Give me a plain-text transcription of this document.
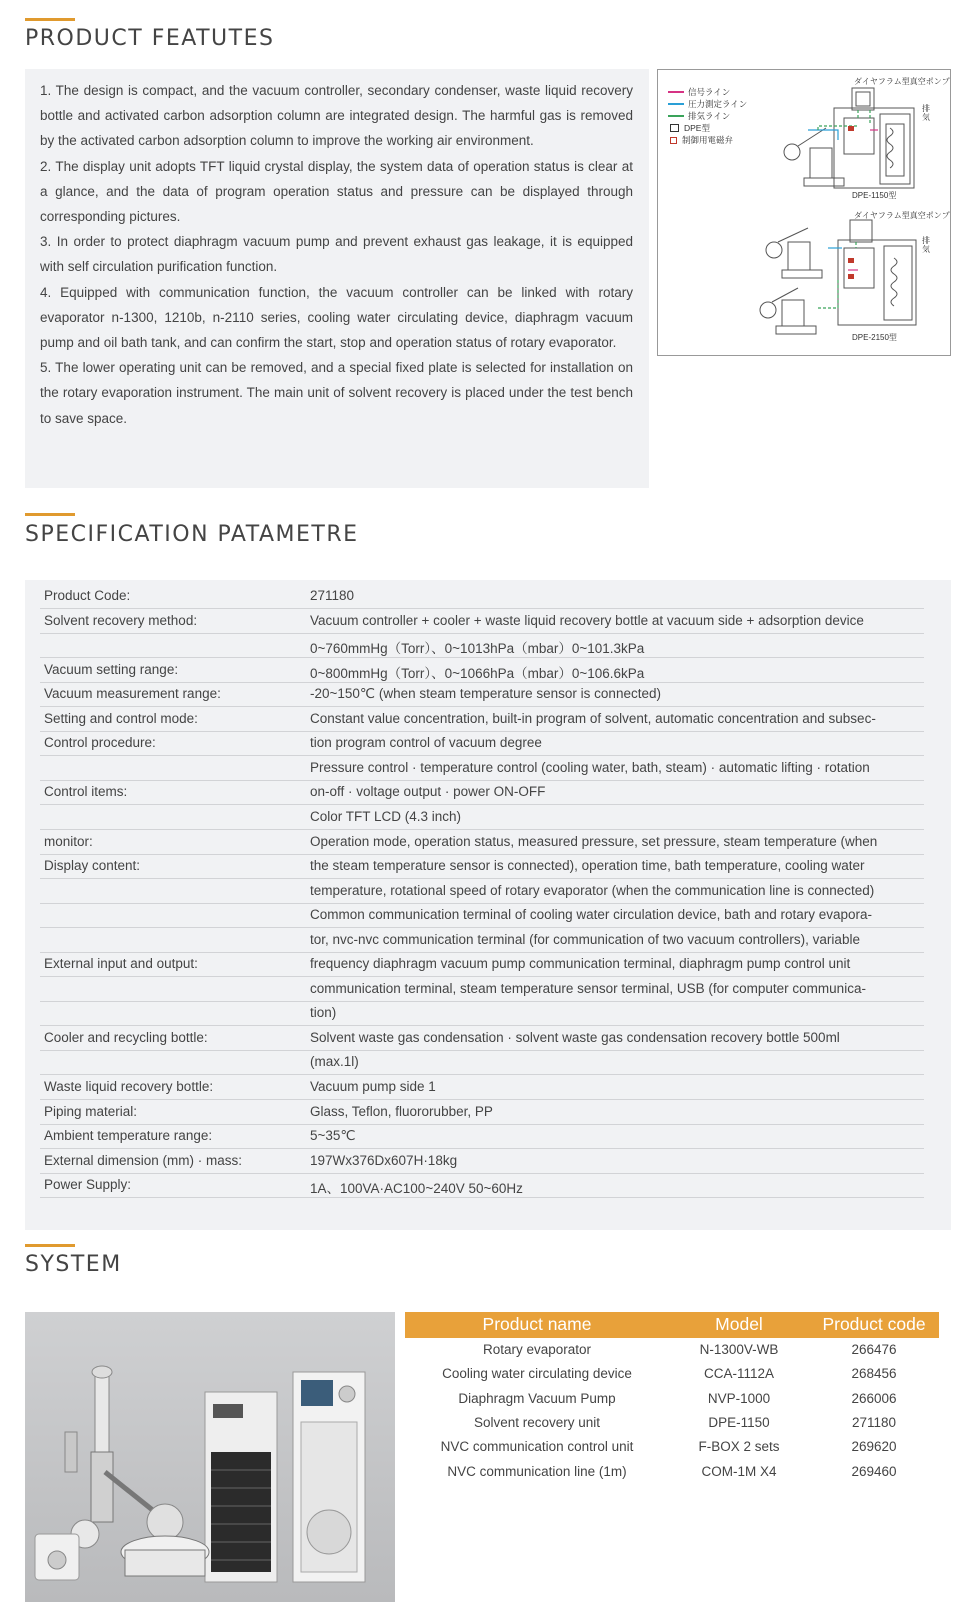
PRODUCT FEATUTES

1. The design is compact, and the vacuum controller, secondary condenser, waste liquid recovery bottle and activated carbon adsorption column are integrated design. The harmful gas is removed by the activated carbon adsorption column to improve the working air environment.

2. The display unit adopts TFT liquid crystal display, the system data of operation status is clear at a glance, and the data of program operation status and pressure can be displayed through corresponding pictures.

3. In order to protect diaphragm vacuum pump and prevent exhaust gas leakage, it is equipped with self circulation purification function.

4. Equipped with communication function, the vacuum controller can be linked with rotary evaporator n-1300, 1210b, n-2110 series, cooling water circulating device, diaphragm vacuum pump and oil bath tank, and can confirm the start, stop and operation status of rotary evaporator.

5. The lower operating unit can be removed, and a special fixed plate is selected for installation on the rotary evaporation instrument. The main unit of solvent recovery is placed under the test bench to save space.

信号ライン
圧力測定ライン
排気ライン
DPE型
制御用電磁弁
ダイヤフラム型真空ポンプ
排気
DPE-1150型
ダイヤフラム型真空ポンプ
排気
DPE-2150型
SPECIFICATION PATAMETRE
Product Code:	271180
Solvent recovery method:	Vacuum controller + cooler + waste liquid recovery bottle at vacuum side + adsorption device
0~760mmHg（Torr）、0~1013hPa（mbar）0~101.3kPa
Vacuum setting range:	0~800mmHg（Torr）、0~1066hPa（mbar）0~106.6kPa
Vacuum measurement range:	-20~150℃ (when steam temperature sensor is connected)
Setting and control mode:	Constant value concentration, built-in program of solvent, automatic concentration and subsec-
Control procedure:	tion program control of vacuum degree
Pressure control · temperature control (cooling water, bath, steam) · automatic lifting · rotation
Control items:	on-off · voltage output · power ON-OFF
Color TFT LCD (4.3 inch)
monitor:	Operation mode, operation status, measured pressure, set pressure, steam temperature (when
Display content:	the steam temperature sensor is connected), operation time, bath temperature, cooling water
temperature, rotational speed of rotary evaporator (when the communication line is connected)
Common communication terminal of cooling water circulation device, bath and rotary evapora-
tor, nvc-nvc communication terminal (for communication of two vacuum controllers), variable
External input and output:	frequency diaphragm vacuum pump communication terminal, diaphragm pump control unit
communication terminal, steam temperature sensor terminal, USB (for computer communica-
tion)
Cooler and recycling bottle:	Solvent waste gas condensation · solvent waste gas condensation recovery bottle 500ml
(max.1l)
Waste liquid recovery bottle:	Vacuum pump side 1
Piping material:	Glass, Teflon, fluororubber, PP
Ambient temperature range:	5~35℃
External dimension (mm) · mass:	197Wx376Dx607H·18kg
Power Supply:	1A、100VA·AC100~240V 50~60Hz
SYSTEM
Product name	Model	Product code
Rotary evaporator	N-1300V-WB	266476
Cooling water circulating device	CCA-1112A	268456
Diaphragm Vacuum Pump	NVP-1000	266006
Solvent recovery unit	DPE-1150	271180
NVC communication control unit	F-BOX 2 sets	269620
NVC communication line (1m)	COM-1M X4	269460
